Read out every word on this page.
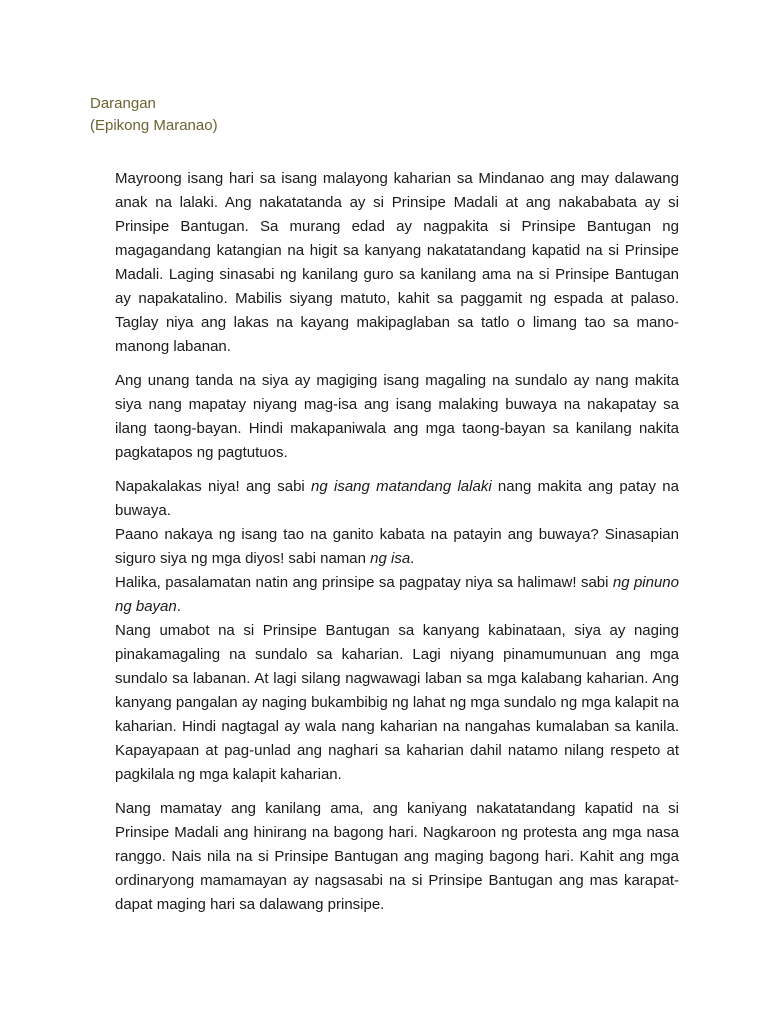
Darangan
(Epikong Maranao)

Mayroong isang hari sa isang malayong kaharian sa Mindanao ang may dalawang anak na lalaki. Ang nakatatanda ay si Prinsipe Madali at ang nakababata ay si Prinsipe Bantugan. Sa murang edad ay nagpakita si Prinsipe Bantugan ng magagandang katangian na higit sa kanyang nakatatandang kapatid na si Prinsipe Madali. Laging sinasabi ng kanilang guro sa kanilang ama na si Prinsipe Bantugan ay napakatalino. Mabilis siyang matuto, kahit sa paggamit ng espada at palaso. Taglay niya ang lakas na kayang makipaglaban sa tatlo o limang tao sa mano-manong labanan.

Ang unang tanda na siya ay magiging isang magaling na sundalo ay nang makita siya nang mapatay niyang mag-isa ang isang malaking buwaya na nakapatay sa ilang taong-bayan. Hindi makapaniwala ang mga taong-bayan sa kanilang nakita pagkatapos ng pagtutuos.

Napakalakas niya! ang sabi ng isang matandang lalaki nang makita ang patay na buwaya.

Paano nakaya ng isang tao na ganito kabata na patayin ang buwaya? Sinasapian siguro siya ng mga diyos! sabi naman ng isa.

Halika, pasalamatan natin ang prinsipe sa pagpatay niya sa halimaw! sabi ng pinuno ng bayan.

Nang umabot na si Prinsipe Bantugan sa kanyang kabinataan, siya ay naging pinakamagaling na sundalo sa kaharian. Lagi niyang pinamumunuan ang mga sundalo sa labanan. At lagi silang nagwawagi laban sa mga kalabang kaharian. Ang kanyang pangalan ay naging bukambibig ng lahat ng mga sundalo ng mga kalapit na kaharian. Hindi nagtagal ay wala nang kaharian na nangahas kumalaban sa kanila. Kapayapaan at pag-unlad ang naghari sa kaharian dahil natamo nilang respeto at pagkilala ng mga kalapit kaharian.

Nang mamatay ang kanilang ama, ang kaniyang nakatatandang kapatid na si Prinsipe Madali ang hinirang na bagong hari. Nagkaroon ng protesta ang mga nasa ranggo. Nais nila na si Prinsipe Bantugan ang maging bagong hari. Kahit ang mga ordinaryong mamamayan ay nagsasabi na si Prinsipe Bantugan ang mas karapat-dapat maging hari sa dalawang prinsipe.
